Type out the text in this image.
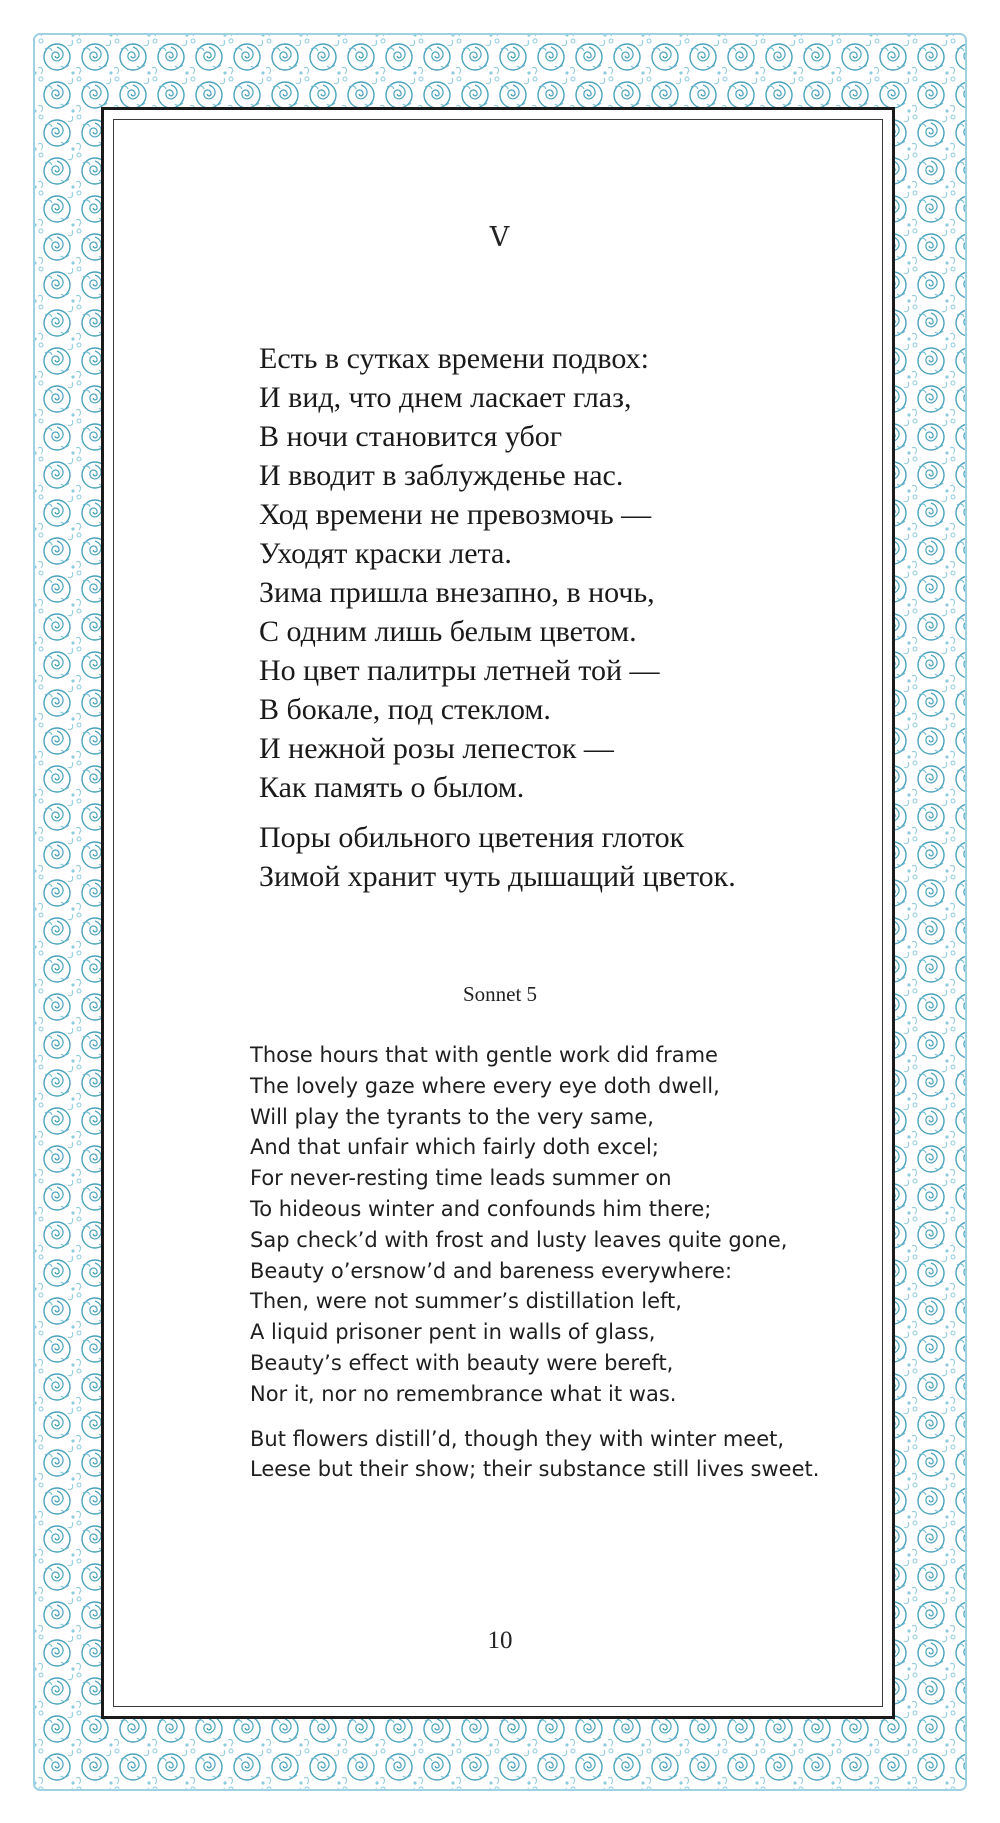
V
Есть в сутках времени подвох:
И вид, что днем ласкает глаз,
В ночи становится убог
И вводит в заблужденье нас.
Ход времени не превозмочь —
Уходят краски лета.
Зима пришла внезапно, в ночь,
С одним лишь белым цветом.
Но цвет палитры летней той —
В бокале, под стеклом.
И нежной розы лепесток —
Как память о былом.
Поры обильного цветения глоток
Зимой хранит чуть дышащий цветок.
Sonnet 5
Those hours that with gentle work did frame
The lovely gaze where every eye doth dwell,
Will play the tyrants to the very same,
And that unfair which fairly doth excel;
For never-resting time leads summer on
To hideous winter and confounds him there;
Sap check’d with frost and lusty leaves quite gone,
Beauty o’ersnow’d and bareness everywhere:
Then, were not summer’s distillation left,
A liquid prisoner pent in walls of glass,
Beauty’s effect with beauty were bereft,
Nor it, nor no remembrance what it was.
But flowers distill’d, though they with winter meet,
Leese but their show; their substance still lives sweet.
10
